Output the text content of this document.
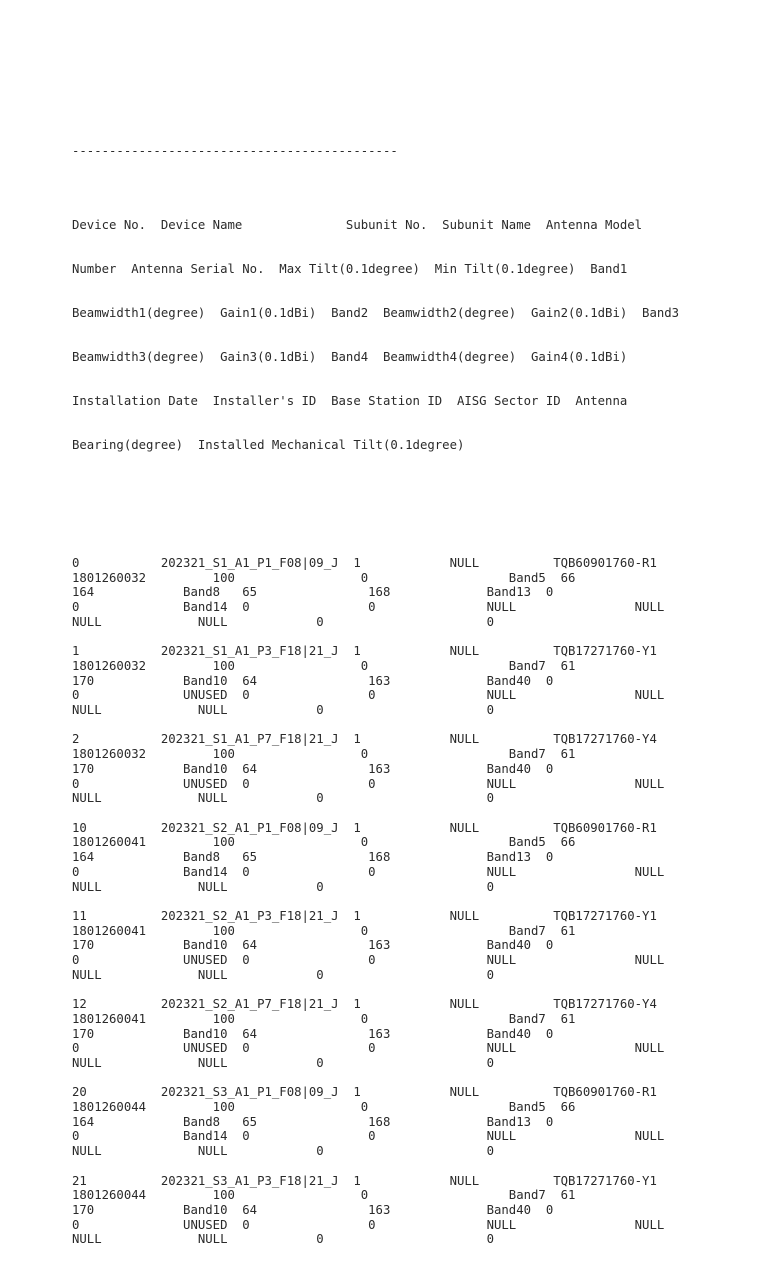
--------------------------------------------

Device No.  Device Name              Subunit No.  Subunit Name  Antenna Model

Number  Antenna Serial No.  Max Tilt(0.1degree)  Min Tilt(0.1degree)  Band1

Beamwidth1(degree)  Gain1(0.1dBi)  Band2  Beamwidth2(degree)  Gain2(0.1dBi)  Band3

Beamwidth3(degree)  Gain3(0.1dBi)  Band4  Beamwidth4(degree)  Gain4(0.1dBi)

Installation Date  Installer's ID  Base Station ID  AISG Sector ID  Antenna

Bearing(degree)  Installed Mechanical Tilt(0.1degree)

0           202321_S1_A1_P1_F08|09_J  1            NULL          TQB60901760-R1
1801260032         100                 0                   Band5  66
164            Band8   65               168             Band13  0
0              Band14  0                0               NULL                NULL
NULL             NULL            0                      0
1           202321_S1_A1_P3_F18|21_J  1            NULL          TQB17271760-Y1
1801260032         100                 0                   Band7  61
170            Band10  64               163             Band40  0
0              UNUSED  0                0               NULL                NULL
NULL             NULL            0                      0
2           202321_S1_A1_P7_F18|21_J  1            NULL          TQB17271760-Y4
1801260032         100                 0                   Band7  61
170            Band10  64               163             Band40  0
0              UNUSED  0                0               NULL                NULL
NULL             NULL            0                      0
10          202321_S2_A1_P1_F08|09_J  1            NULL          TQB60901760-R1
1801260041         100                 0                   Band5  66
164            Band8   65               168             Band13  0
0              Band14  0                0               NULL                NULL
NULL             NULL            0                      0
11          202321_S2_A1_P3_F18|21_J  1            NULL          TQB17271760-Y1
1801260041         100                 0                   Band7  61
170            Band10  64               163             Band40  0
0              UNUSED  0                0               NULL                NULL
NULL             NULL            0                      0
12          202321_S2_A1_P7_F18|21_J  1            NULL          TQB17271760-Y4
1801260041         100                 0                   Band7  61
170            Band10  64               163             Band40  0
0              UNUSED  0                0               NULL                NULL
NULL             NULL            0                      0
20          202321_S3_A1_P1_F08|09_J  1            NULL          TQB60901760-R1
1801260044         100                 0                   Band5  66
164            Band8   65               168             Band13  0
0              Band14  0                0               NULL                NULL
NULL             NULL            0                      0
21          202321_S3_A1_P3_F18|21_J  1            NULL          TQB17271760-Y1
1801260044         100                 0                   Band7  61
170            Band10  64               163             Band40  0
0              UNUSED  0                0               NULL                NULL
NULL             NULL            0                      0
